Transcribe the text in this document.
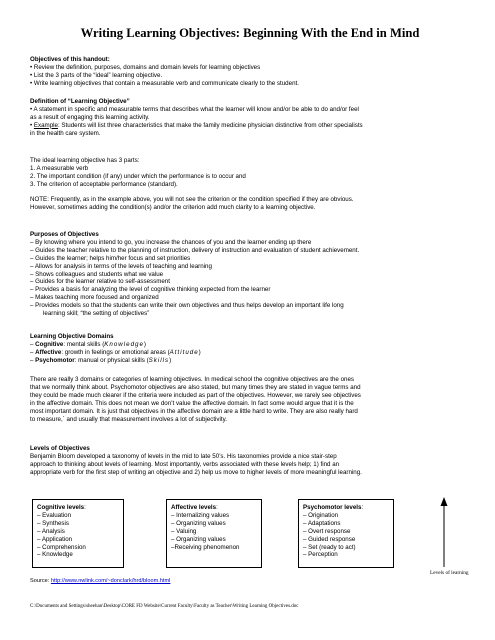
Writing Learning Objectives: Beginning With the End in Mind

Objectives of this handout:

• Review the definition, purposes, domains and domain levels for learning objectives

• List the 3 parts of the “ideal” learning objective.

• Write learning objectives that contain a measurable verb and communicate clearly to the student.

Definition of “Learning Objective”

• A statement in specific and measurable terms that describes what the learner will know and/or be able to do and/or feel

as a result of engaging this learning activity.

• Example: Students will list three characteristics that make the family medicine physician distinctive from other specialists

in the health care system.

The ideal learning objective has 3 parts:

1. A measurable verb

2. The important condition (if any) under which the performance is to occur and

3. The criterion of acceptable performance (standard).

NOTE: Frequently, as in the example above, you will not see the criterion or the condition specified if they are obvious.

However, sometimes adding the condition(s) and/or the criterion add much clarity to a learning objective.

Purposes of Objectives

– By knowing where you intend to go, you increase the chances of you and the learner ending up there

– Guides the teacher relative to the planning of instruction, delivery of instruction and evaluation of student achievement.

– Guides the learner; helps him/her focus and set priorities

– Allows for analysis in terms of the levels of teaching and learning

– Shows colleagues and students what we value

– Guides for the learner relative to self-assessment

– Provides a basis for analyzing the level of cognitive thinking expected from the learner

– Makes teaching more focused and organized

– Provides models so that the students can write their own objectives and thus helps develop an important life long

learning skill; “the setting of objectives”

Learning Objective Domains

– Cognitive: mental skills (Knowledge)

– Affective: growth in feelings or emotional areas (Attitude)

– Psychomotor: manual or physical skills (Skills)

There are really 3 domains or categories of learning objectives. In medical school the cognitive objectives are the ones

that we normally think about. Psychomotor objectives are also stated, but many times they are stated in vague terms and

they could be made much clearer if the criteria were included as part of the objectives. However, we rarely see objectives

in the affective domain. This does not mean we don’t value the affective domain. In fact some would argue that it is the

most important domain. It is just that objectives in the affective domain are a little hard to write. They are also really hard

to measure,` and usually that measurement involves a lot of subjectivity.

Levels of Objectives

Benjamin Bloom developed a taxonomy of levels in the mid to late 50’s. His taxonomies provide a nice stair-step

approach to thinking about levels of learning. Most importantly, verbs associated with these levels help; 1) find an

appropriate verb for the first step of writing an objective and 2) help us move to higher levels of more meaningful learning.

Cognitive levels:

– Evaluation

– Synthesis

– Analysis

– Application

– Comprehension

– Knowledge

Affective levels:

– Internalizing values

– Organizing values

– Valuing

– Organizing values

–Receiving phenomenon

Psychomotor levels:

– Origination

– Adaptations

– Overt response

– Guided response

– Set (ready to act)

– Perception

Levels of learning
Source: http://www.nwlink.com/~donclark/hrd/bloom.html
C:\Documents and Settings\sheehan\Desktop\CORE FD Website\Current Faculty\Faculty as Teacher\Writing Learning Objectives.doc
